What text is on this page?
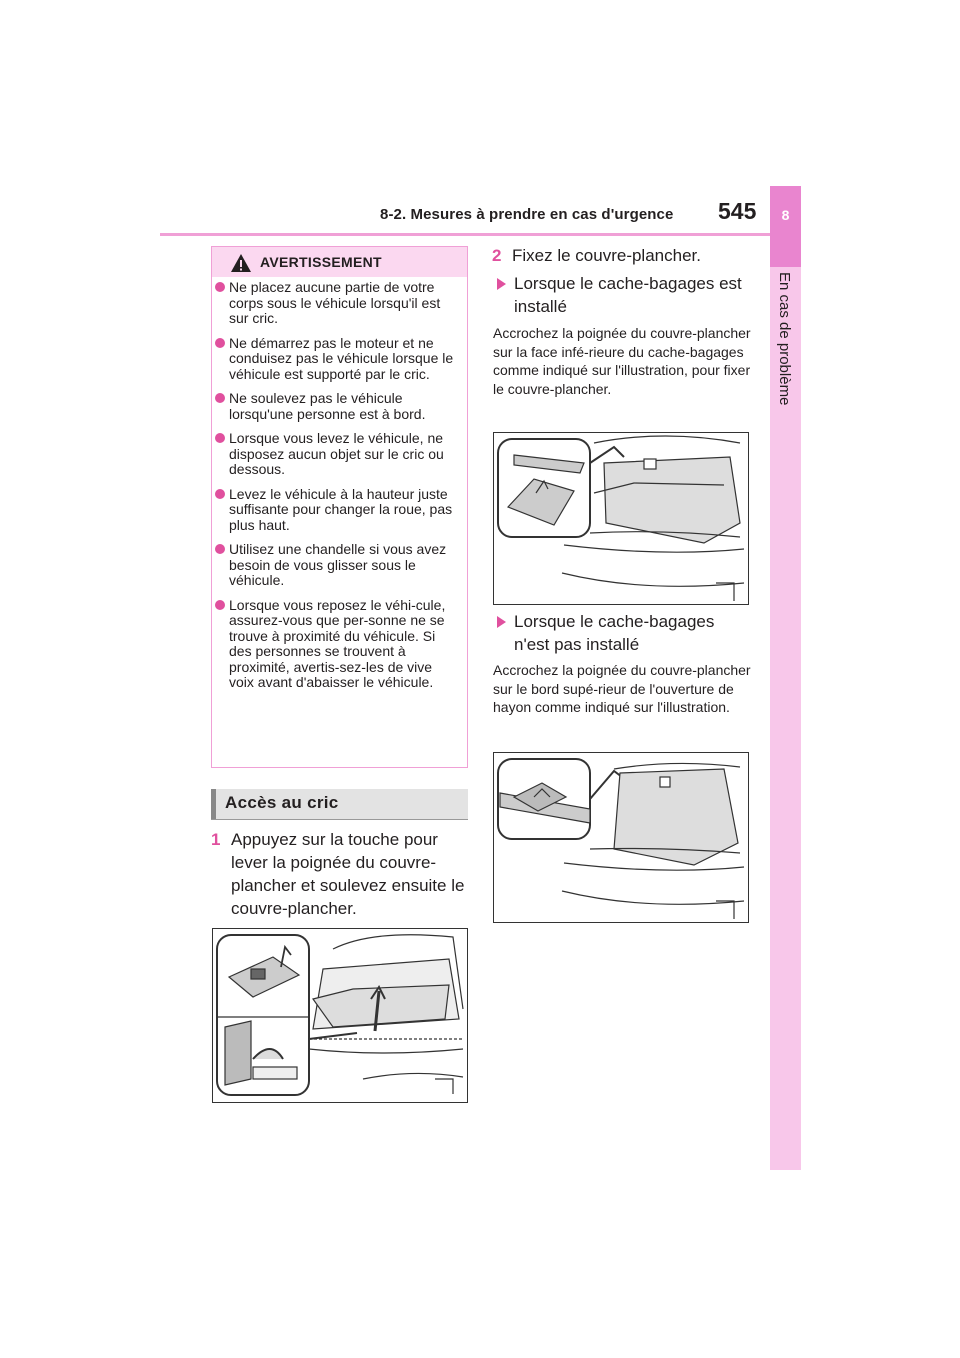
8-2. Mesures à prendre en cas d'urgence 545	8
En cas de problème
AVERTISSEMENT
Ne placez aucune partie de votre corps sous le véhicule lorsqu'il est sur cric.
Ne démarrez pas le moteur et ne conduisez pas le véhicule lorsque le véhicule est supporté par le cric.
Ne soulevez pas le véhicule lorsqu'une personne est à bord.
Lorsque vous levez le véhicule, ne disposez aucun objet sur le cric ou dessous.
Levez le véhicule à la hauteur juste suffisante pour changer la roue, pas plus haut.
Utilisez une chandelle si vous avez besoin de vous glisser sous le véhicule.
Lorsque vous reposez le véhi-cule, assurez-vous que per-sonne ne se trouve à proximité du véhicule. Si des personnes se trouvent à proximité, avertis-sez-les de vive voix avant d'abaisser le véhicule.
Accès au cric
1 Appuyez sur la touche pour lever la poignée du couvre-plancher et soulevez ensuite le couvre-plancher.
2 Fixez le couvre-plancher.
Lorsque le cache-bagages est installé
Accrochez la poignée du couvre-plancher sur la face infé-rieure du cache-bagages comme indiqué sur l'illustration, pour fixer le couvre-plancher.
Lorsque le cache-bagages n'est pas installé
Accrochez la poignée du couvre-plancher sur le bord supé-rieur de l'ouverture de hayon comme indiqué sur l'illustration.
